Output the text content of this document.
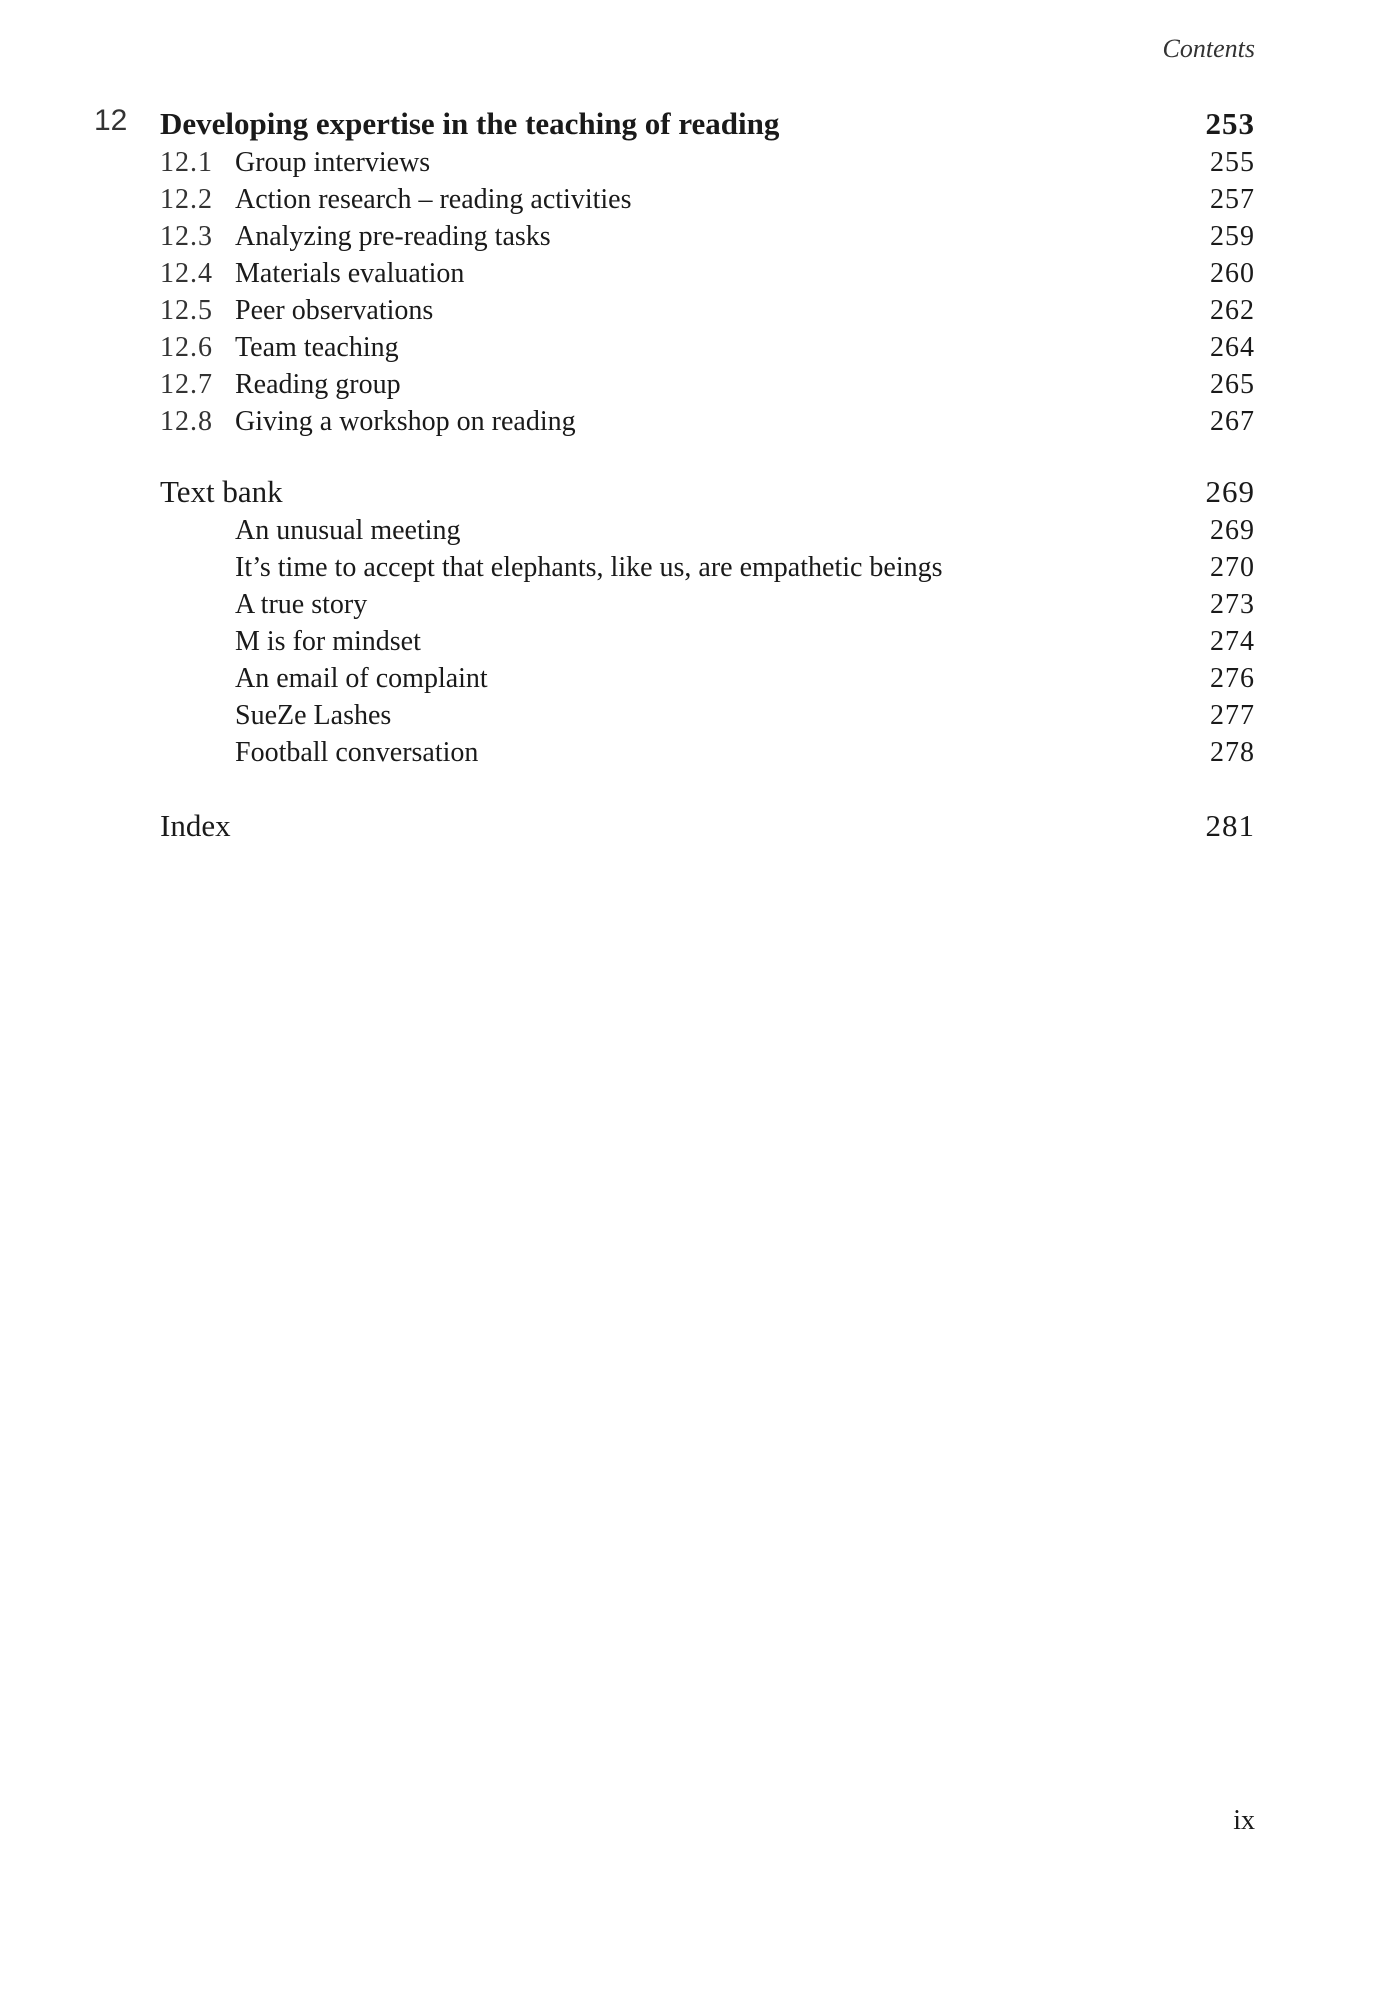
Contents
12 Developing expertise in the teaching of reading	253
12.1 Group interviews	255
12.2 Action research – reading activities	257
12.3 Analyzing pre-reading tasks	259
12.4 Materials evaluation	260
12.5 Peer observations	262
12.6 Team teaching	264
12.7 Reading group	265
12.8 Giving a workshop on reading	267
Text bank	269
An unusual meeting	269
It’s time to accept that elephants, like us, are empathetic beings	270
A true story	273
M is for mindset	274
An email of complaint	276
SueZe Lashes	277
Football conversation	278
Index	281
ix
